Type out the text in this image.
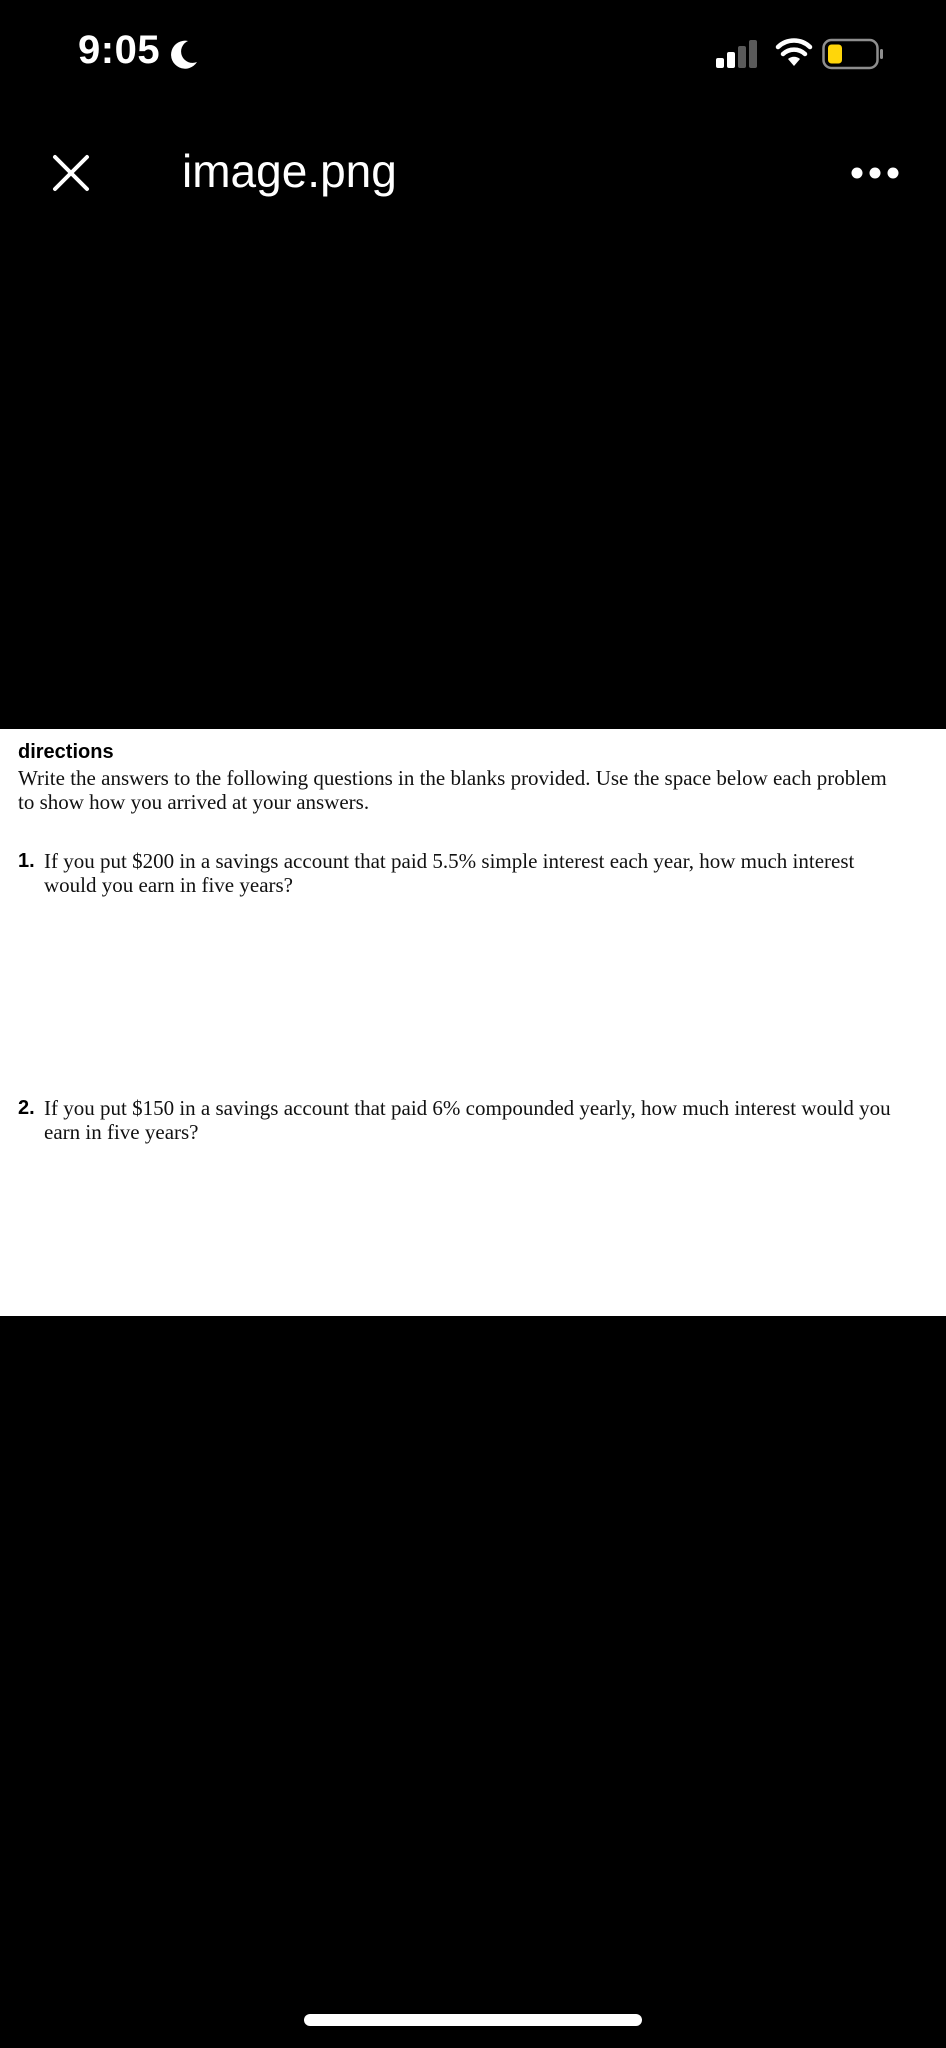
9:05
image.png
directions
Write the answers to the following questions in the blanks provided. Use the space below each problem to show how you arrived at your answers.
1. If you put $200 in a savings account that paid 5.5% simple interest each year, how much interest would you earn in five years?
2. If you put $150 in a savings account that paid 6% compounded yearly, how much interest would you earn in five years?
